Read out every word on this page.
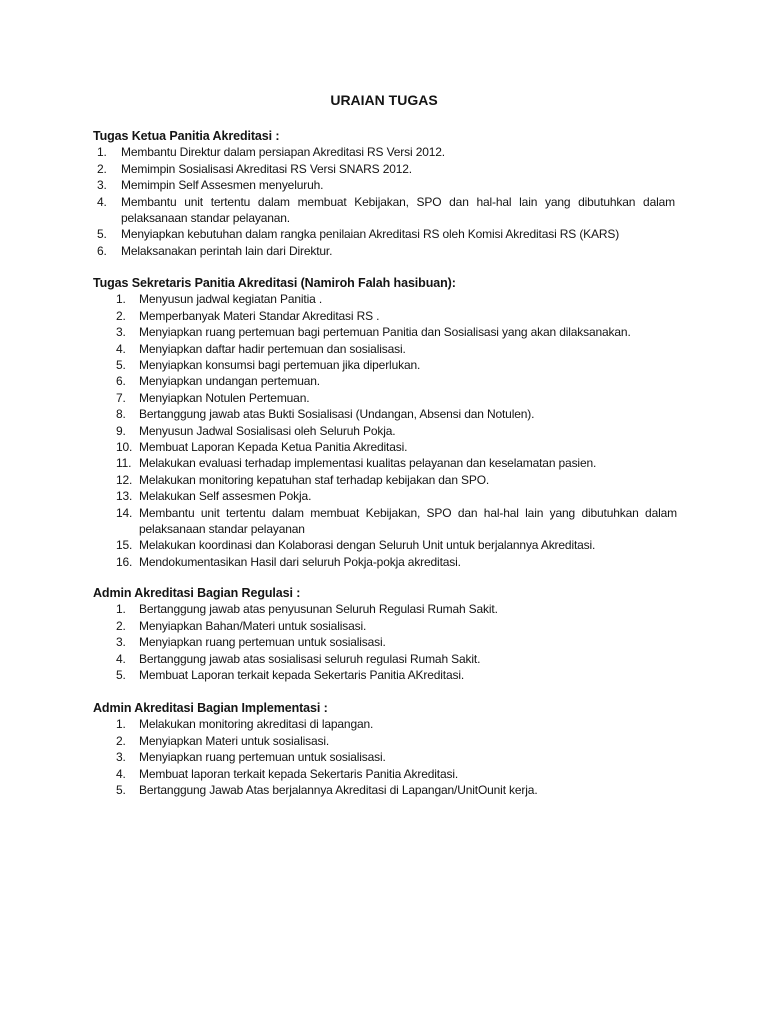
URAIAN TUGAS
Tugas Ketua Panitia Akreditasi :
1. Membantu Direktur dalam persiapan Akreditasi RS Versi 2012.
2. Memimpin Sosialisasi Akreditasi RS Versi SNARS 2012.
3. Memimpin Self Assesmen menyeluruh.
4. Membantu unit tertentu dalam membuat Kebijakan, SPO dan hal-hal lain yang dibutuhkan dalam pelaksanaan standar pelayanan.
5. Menyiapkan kebutuhan dalam rangka penilaian Akreditasi RS oleh Komisi Akreditasi RS (KARS)
6. Melaksanakan perintah lain dari Direktur.
Tugas Sekretaris Panitia Akreditasi (Namiroh Falah hasibuan):
1. Menyusun jadwal kegiatan Panitia .
2. Memperbanyak Materi Standar Akreditasi RS .
3. Menyiapkan ruang pertemuan bagi pertemuan Panitia dan Sosialisasi yang akan dilaksanakan.
4. Menyiapkan daftar hadir pertemuan dan sosialisasi.
5. Menyiapkan konsumsi bagi pertemuan jika diperlukan.
6. Menyiapkan undangan pertemuan.
7. Menyiapkan Notulen Pertemuan.
8. Bertanggung jawab atas Bukti Sosialisasi (Undangan, Absensi dan Notulen).
9. Menyusun Jadwal Sosialisasi oleh Seluruh Pokja.
10. Membuat Laporan Kepada Ketua Panitia Akreditasi.
11. Melakukan evaluasi terhadap implementasi kualitas pelayanan dan keselamatan pasien.
12. Melakukan monitoring kepatuhan staf terhadap kebijakan dan SPO.
13. Melakukan Self assesmen Pokja.
14. Membantu unit tertentu dalam membuat Kebijakan, SPO dan hal-hal lain yang dibutuhkan dalam pelaksanaan standar pelayanan
15. Melakukan koordinasi dan Kolaborasi dengan Seluruh Unit untuk berjalannya Akreditasi.
16. Mendokumentasikan Hasil dari seluruh Pokja-pokja akreditasi.
Admin Akreditasi Bagian Regulasi :
1. Bertanggung jawab atas penyusunan Seluruh Regulasi Rumah Sakit.
2. Menyiapkan Bahan/Materi untuk sosialisasi.
3. Menyiapkan ruang pertemuan untuk sosialisasi.
4. Bertanggung jawab atas sosialisasi seluruh regulasi Rumah Sakit.
5. Membuat Laporan terkait kepada Sekertaris Panitia AKreditasi.
Admin Akreditasi Bagian Implementasi :
1. Melakukan monitoring akreditasi di lapangan.
2. Menyiapkan Materi untuk sosialisasi.
3. Menyiapkan ruang pertemuan untuk sosialisasi.
4. Membuat laporan terkait kepada Sekertaris Panitia Akreditasi.
5. Bertanggung Jawab Atas berjalannya Akreditasi di Lapangan/UnitOunit kerja.
